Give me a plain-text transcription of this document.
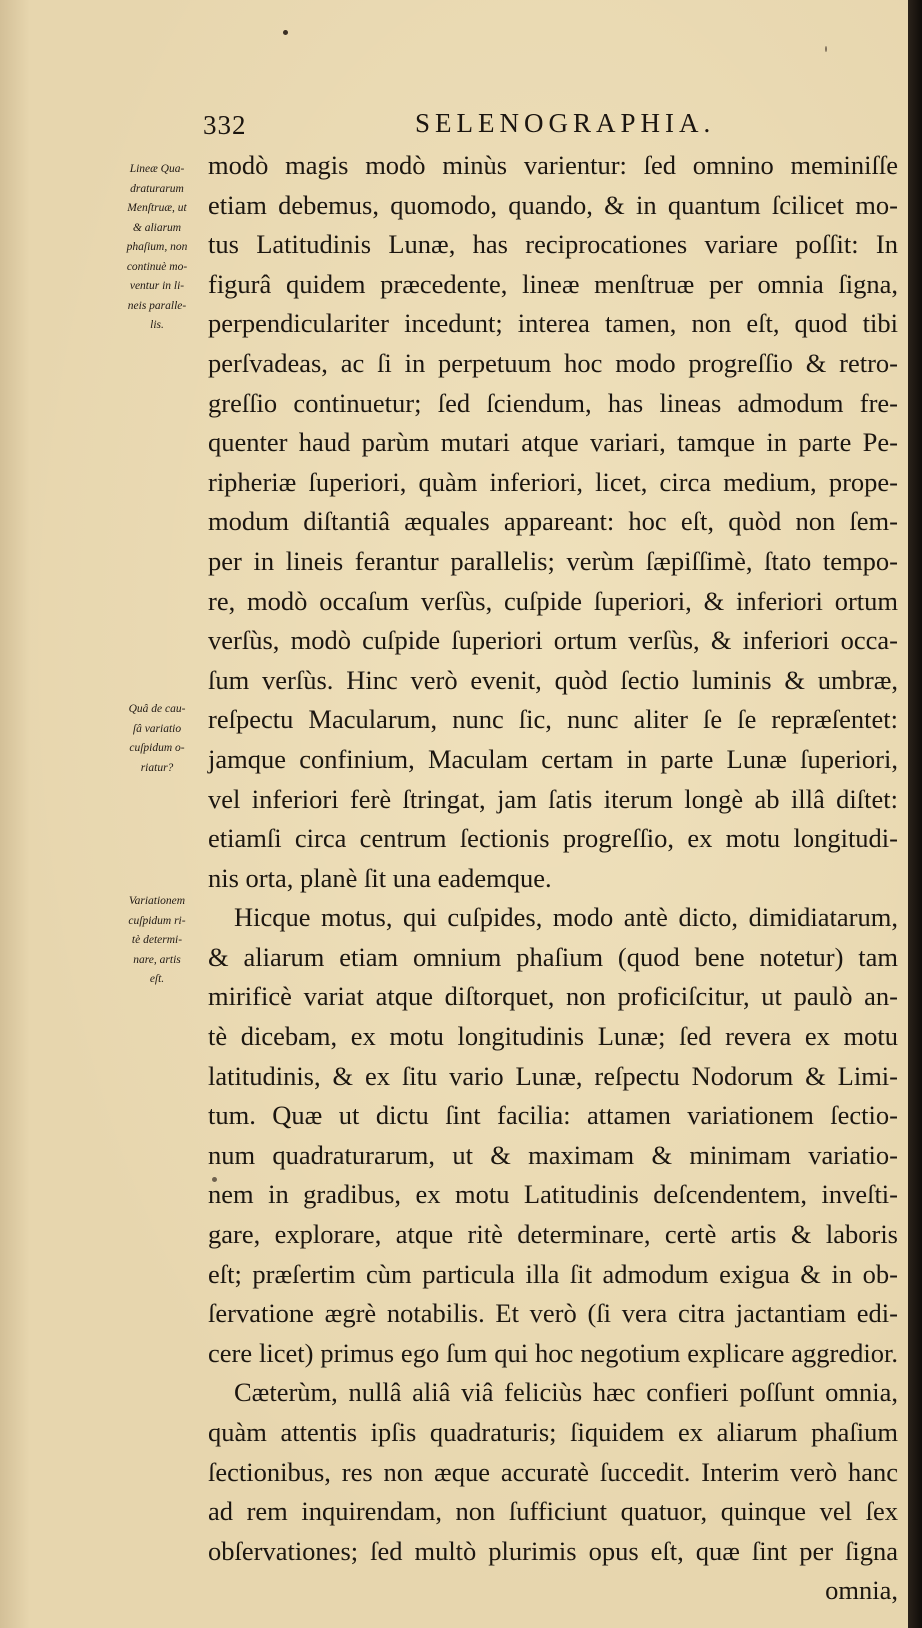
332	SELENOGRAPHIA.
Lineæ Qua-
draturarum
Menſtruæ, ut
& aliarum
phaſium, non
continuè mo-
ventur in li-
neis paralle-
lis.
Quâ de cau-
ſâ variatio
cuſpidum o-
riatur?
Variationem
cuſpidum ri-
tè determi-
nare, artis
eſt.
modò magis modò minùs varientur: ſed omnino meminiſſe
etiam debemus, quomodo, quando, & in quantum ſcilicet mo-
tus Latitudinis Lunæ, has reciprocationes variare poſſit: In
figurâ quidem præcedente, lineæ menſtruæ per omnia ſigna,
perpendiculariter incedunt; interea tamen, non eſt, quod tibi
perſvadeas, ac ſi in perpetuum hoc modo progreſſio & retro-
greſſio continuetur; ſed ſciendum, has lineas admodum fre-
quenter haud parùm mutari atque variari, tamque in parte Pe-
ripheriæ ſuperiori, quàm inferiori, licet, circa medium, prope-
modum diſtantiâ æquales appareant: hoc eſt, quòd non ſem-
per in lineis ferantur parallelis; verùm ſæpiſſimè, ſtato tempo-
re, modò occaſum verſùs, cuſpide ſuperiori, & inferiori ortum
verſùs, modò cuſpide ſuperiori ortum verſùs, & inferiori occa-
ſum verſùs. Hinc verò evenit, quòd ſectio luminis & umbræ,
reſpectu Macularum, nunc ſic, nunc aliter ſe ſe repræſentet:
jamque confinium, Maculam certam in parte Lunæ ſuperiori,
vel inferiori ferè ſtringat, jam ſatis iterum longè ab illâ diſtet:
etiamſi circa centrum ſectionis progreſſio, ex motu longitudi-
nis orta, planè ſit una eademque.
Hicque motus, qui cuſpides, modo antè dicto, dimidiatarum,
& aliarum etiam omnium phaſium (quod bene notetur) tam
mirificè variat atque diſtorquet, non proficiſcitur, ut paulò an-
tè dicebam, ex motu longitudinis Lunæ; ſed revera ex motu
latitudinis, & ex ſitu vario Lunæ, reſpectu Nodorum & Limi-
tum. Quæ ut dictu ſint facilia: attamen variationem ſectio-
num quadraturarum, ut & maximam & minimam variatio-
nem in gradibus, ex motu Latitudinis deſcendentem, inveſti-
gare, explorare, atque ritè determinare, certè artis & laboris
eſt; præſertim cùm particula illa ſit admodum exigua & in ob-
ſervatione ægrè notabilis. Et verò (ſi vera citra jactantiam edi-
cere licet) primus ego ſum qui hoc negotium explicare aggredior.
Cæterùm, nullâ aliâ viâ feliciùs hæc confieri poſſunt omnia,
quàm attentis ipſis quadraturis; ſiquidem ex aliarum phaſium
ſectionibus, res non æque accuratè ſuccedit. Interim verò hanc
ad rem inquirendam, non ſufficiunt quatuor, quinque vel ſex
obſervationes; ſed multò plurimis opus eſt, quæ ſint per ſigna
omnia,
